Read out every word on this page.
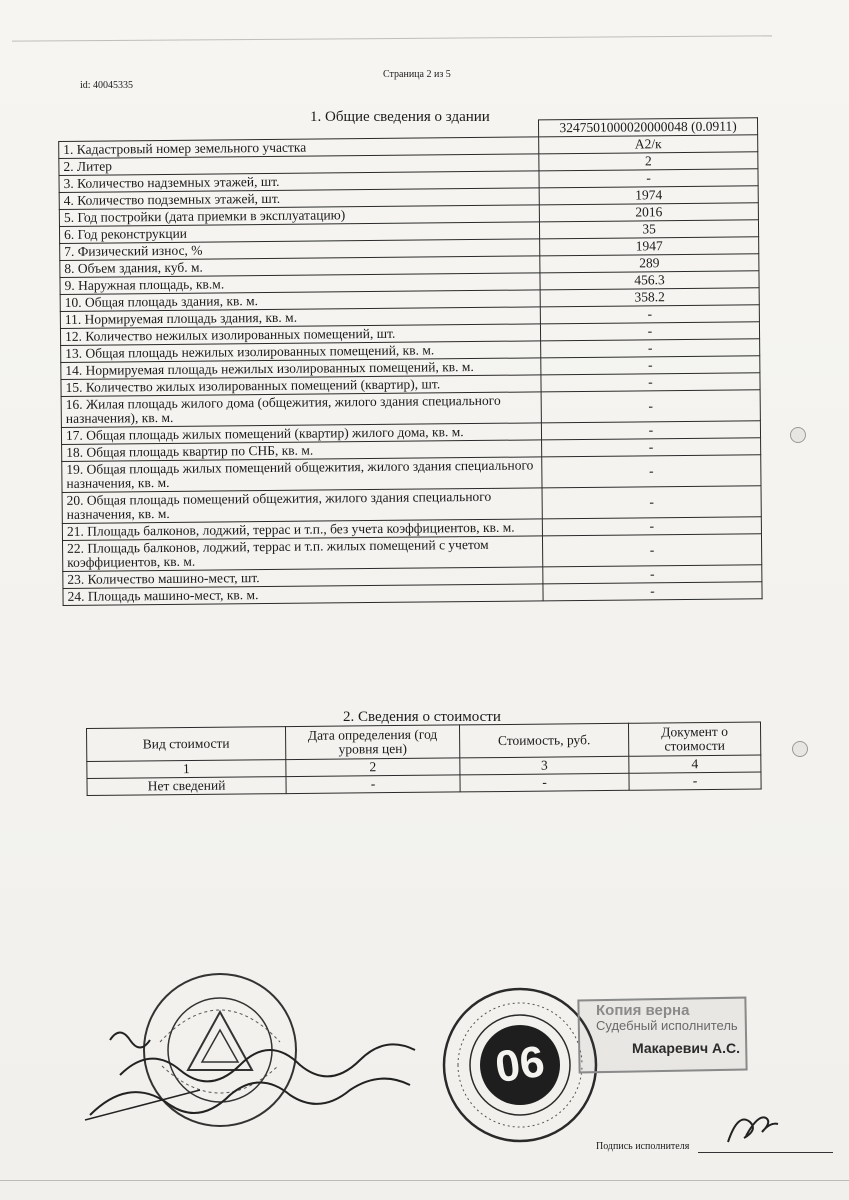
id: 40045335
Страница 2 из 5
1. Общие сведения о здании
	3247501000020000048 (0.0911)
1. Кадастровый номер земельного участка	А2/к
2. Литер	2
3. Количество надземных этажей, шт.	-
4. Количество подземных этажей, шт.	1974
5. Год постройки (дата приемки в эксплуатацию)	2016
6. Год реконструкции	35
7. Физический износ, %	1947
8. Объем здания, куб. м.	289
9. Наружная площадь, кв.м.	456.3
10. Общая площадь здания, кв. м.	358.2
11. Нормируемая площадь здания, кв. м.	-
12. Количество нежилых изолированных помещений, шт.	-
13. Общая площадь нежилых изолированных помещений, кв. м.	-
14. Нормируемая площадь нежилых изолированных помещений, кв. м.	-
15. Количество жилых изолированных помещений (квартир), шт.	-
16. Жилая площадь жилого дома (общежития, жилого здания специального назначения), кв. м.	-
17. Общая площадь жилых помещений (квартир) жилого дома, кв. м.	-
18. Общая площадь квартир по СНБ, кв. м.	-
19. Общая площадь жилых помещений общежития, жилого здания специального назначения, кв. м.	-
20. Общая площадь помещений общежития, жилого здания специального назначения, кв. м.	-
21. Площадь балконов, лоджий, террас и т.п., без учета коэффициентов, кв. м.	-
22. Площадь балконов, лоджий, террас и т.п. жилых помещений с учетом коэффициентов, кв. м.	-
23. Количество машино-мест, шт.	-
24. Площадь машино-мест, кв. м.	-
2. Сведения о стоимости
Вид стоимости	Дата определения (год уровня цен)	Стоимость, руб.	Документ о стоимости
1	2	3	4
Нет сведений	-	-	-
06
Копия верна
Судебный исполнитель
Макаревич А.С.
Подпись исполнителя
